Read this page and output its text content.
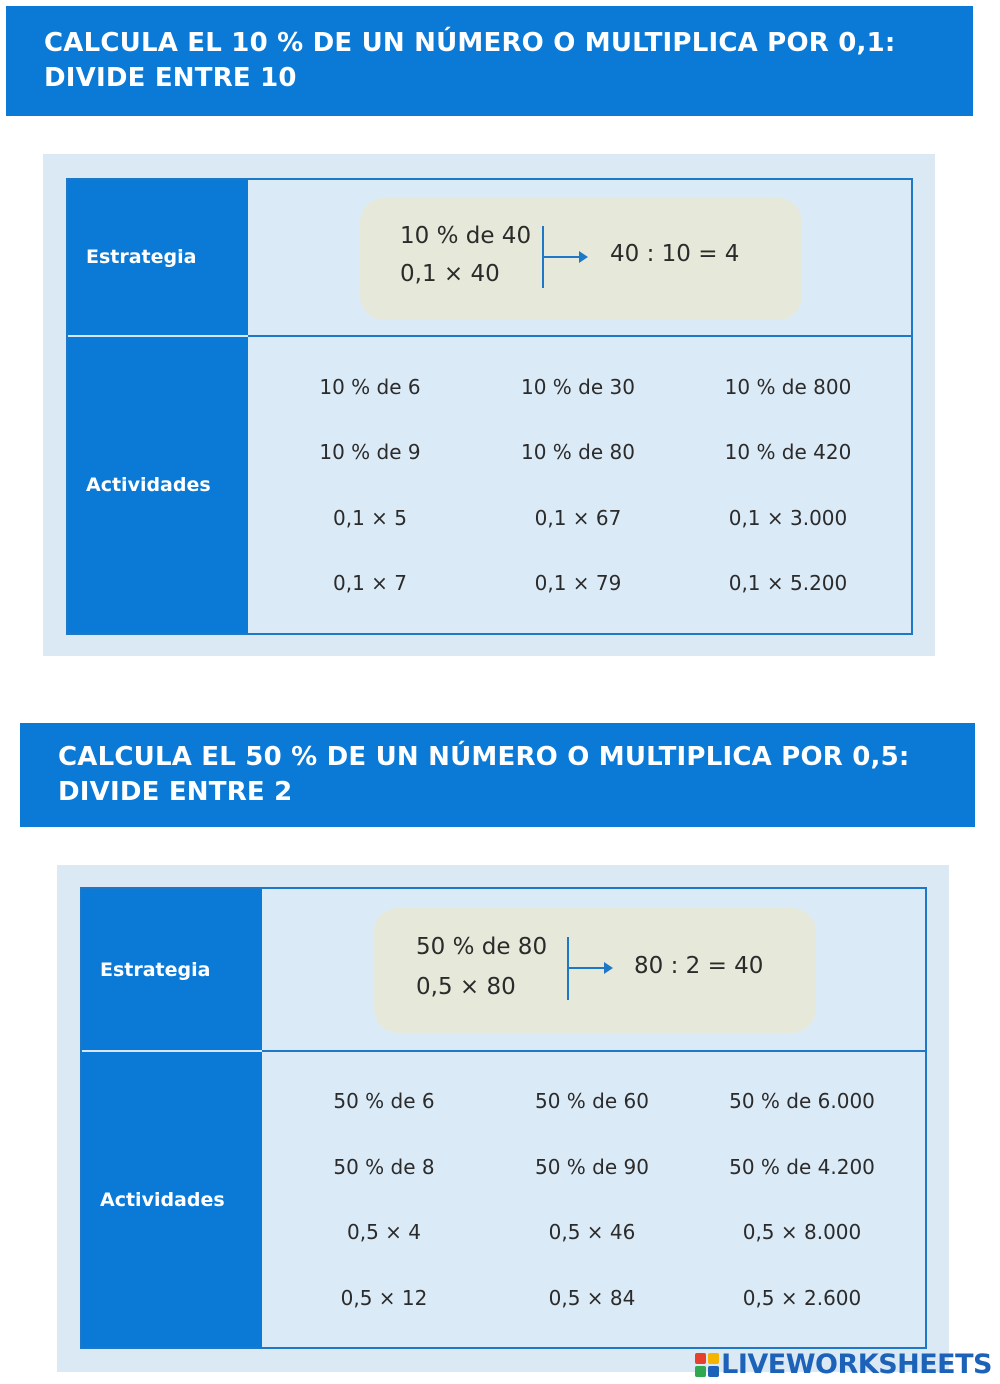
CALCULA EL 10 % DE UN NÚMERO O MULTIPLICA POR 0,1:
DIVIDE ENTRE 10
Estrategia
Actividades
10 % de 40
0,1 × 40
40 : 10 = 4
10 % de 6	10 % de 30	10 % de 800
10 % de 9	10 % de 80	10 % de 420
0,1 × 5	0,1 × 67	0,1 × 3.000
0,1 × 7	0,1 × 79	0,1 × 5.200
CALCULA EL 50 % DE UN NÚMERO O MULTIPLICA POR 0,5:
DIVIDE ENTRE 2
Estrategia
Actividades
50 % de 80
0,5 × 80
80 : 2 = 40
50 % de 6	50 % de 60	50 % de 6.000
50 % de 8	50 % de 90	50 % de 4.200
0,5 × 4	0,5 × 46	0,5 × 8.000
0,5 × 12	0,5 × 84	0,5 × 2.600
LIVEWORKSHEETS
